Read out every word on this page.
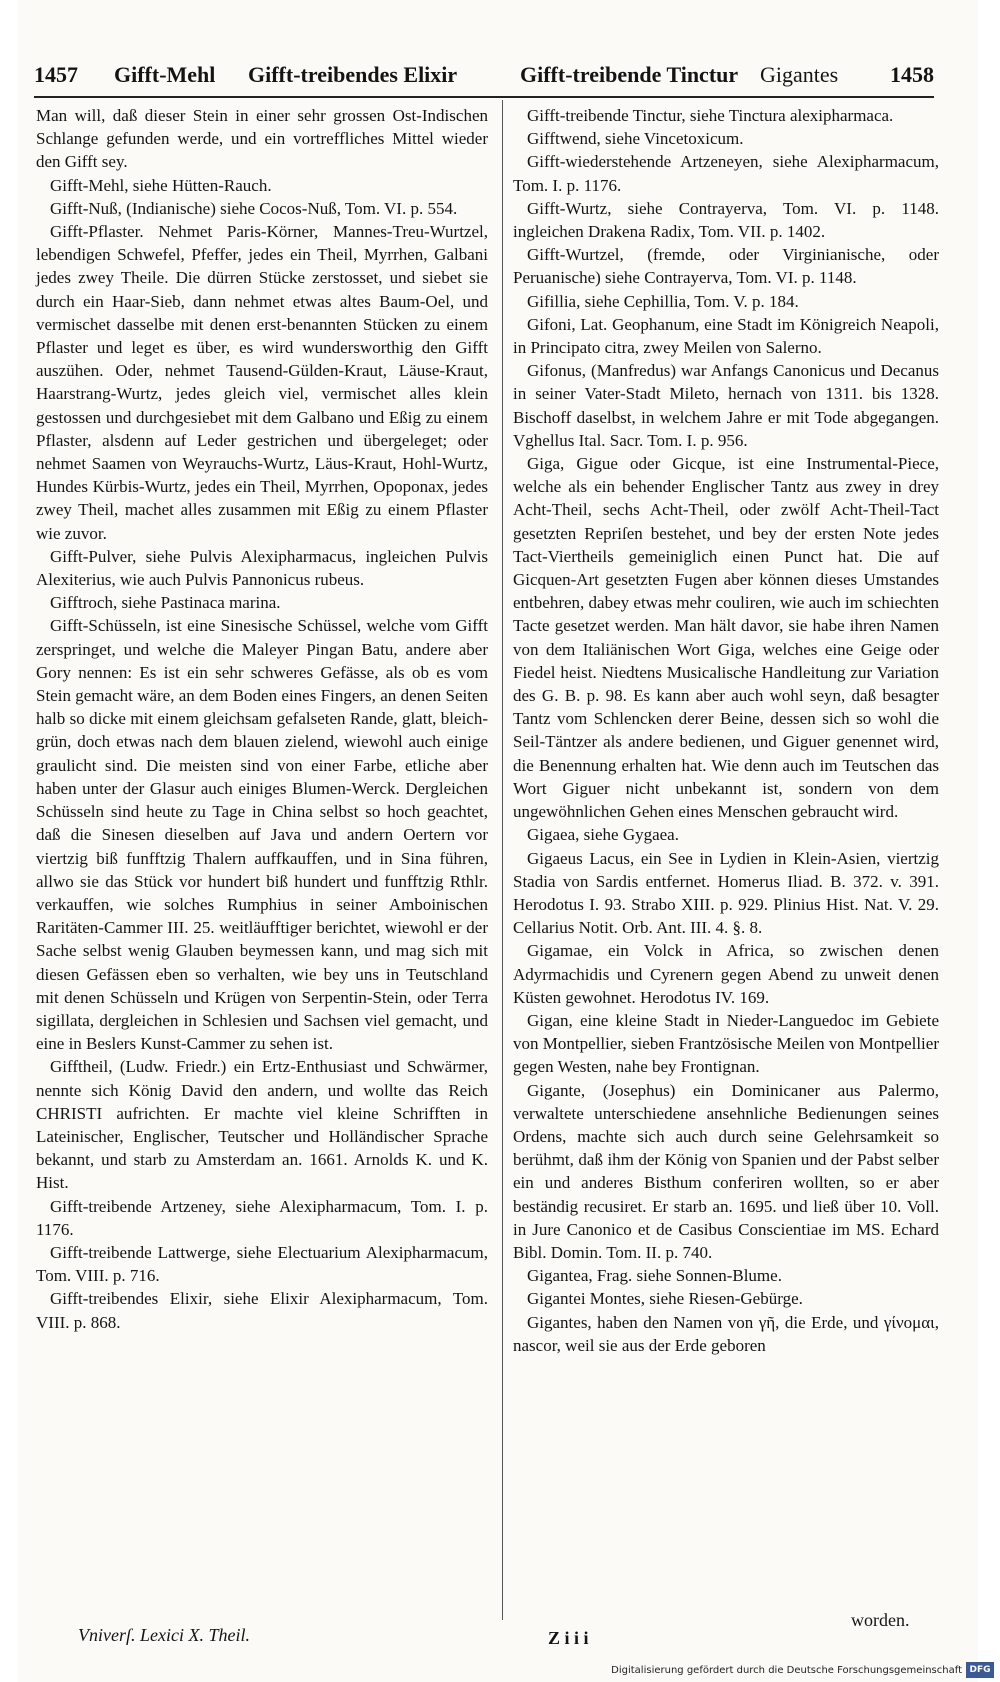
1457 Gifft-Mehl Gifft-treibendes Elixir	Gifft-treibende Tinctur Gigantes 1458

Man will, daß dieser Stein in einer sehr grossen Ost-Indischen Schlange gefunden werde, und ein vortreffliches Mittel wieder den Gifft sey.

Gifft-Mehl, siehe Hütten-Rauch.

Gifft-Nuß, (Indianische) siehe Cocos-Nuß, Tom. VI. p. 554.

Gifft-Pflaster. Nehmet Paris-Körner, Mannes-Treu-Wurtzel, lebendigen Schwefel, Pfeffer, jedes ein Theil, Myrrhen, Galbani jedes zwey Theile. Die dürren Stücke zerstosset, und siebet sie durch ein Haar-Sieb, dann nehmet etwas altes Baum-Oel, und vermischet dasselbe mit denen erst-benannten Stücken zu einem Pflaster und leget es über, es wird wundersworthig den Gifft auszühen. Oder, nehmet Tausend-Gülden-Kraut, Läuse-Kraut, Haarstrang-Wurtz, jedes gleich viel, vermischet alles klein gestossen und durchgesiebet mit dem Galbano und Eßig zu einem Pflaster, alsdenn auf Leder gestrichen und übergeleget; oder nehmet Saamen von Weyrauchs-Wurtz, Läus-Kraut, Hohl-Wurtz, Hundes Kürbis-Wurtz, jedes ein Theil, Myrrhen, Opoponax, jedes zwey Theil, machet alles zusammen mit Eßig zu einem Pflaster wie zuvor.

Gifft-Pulver, siehe Pulvis Alexipharmacus, ingleichen Pulvis Alexiterius, wie auch Pulvis Pannonicus rubeus.

Gifftroch, siehe Pastinaca marina.

Gifft-Schüsseln, ist eine Sinesische Schüssel, welche vom Gifft zerspringet, und welche die Maleyer Pingan Batu, andere aber Gory nennen: Es ist ein sehr schweres Gefässe, als ob es vom Stein gemacht wäre, an dem Boden eines Fingers, an denen Seiten halb so dicke mit einem gleichsam gefalseten Rande, glatt, bleich-grün, doch etwas nach dem blauen zielend, wiewohl auch einige graulicht sind. Die meisten sind von einer Farbe, etliche aber haben unter der Glasur auch einiges Blumen-Werck. Dergleichen Schüsseln sind heute zu Tage in China selbst so hoch geachtet, daß die Sinesen dieselben auf Java und andern Oertern vor viertzig biß funfftzig Thalern auffkauffen, und in Sina führen, allwo sie das Stück vor hundert biß hundert und funfftzig Rthlr. verkauffen, wie solches Rumphius in seiner Amboinischen Raritäten-Cammer III. 25. weitläufftiger berichtet, wiewohl er der Sache selbst wenig Glauben beymessen kann, und mag sich mit diesen Gefässen eben so verhalten, wie bey uns in Teutschland mit denen Schüsseln und Krügen von Serpentin-Stein, oder Terra sigillata, dergleichen in Schlesien und Sachsen viel gemacht, und eine in Beslers Kunst-Cammer zu sehen ist.

Gifftheil, (Ludw. Friedr.) ein Ertz-Enthusiast und Schwärmer, nennte sich König David den andern, und wollte das Reich CHRISTI aufrichten. Er machte viel kleine Schrifften in Lateinischer, Englischer, Teutscher und Holländischer Sprache bekannt, und starb zu Amsterdam an. 1661. Arnolds K. und K. Hist.

Gifft-treibende Artzeney, siehe Alexipharmacum, Tom. I. p. 1176.

Gifft-treibende Lattwerge, siehe Electuarium Alexipharmacum, Tom. VIII. p. 716.

Gifft-treibendes Elixir, siehe Elixir Alexipharmacum, Tom. VIII. p. 868.

Gifft-treibende Tinctur, siehe Tinctura alexipharmaca.

Gifftwend, siehe Vincetoxicum.

Gifft-wiederstehende Artzeneyen, siehe Alexipharmacum, Tom. I. p. 1176.

Gifft-Wurtz, siehe Contrayerva, Tom. VI. p. 1148. ingleichen Drakena Radix, Tom. VII. p. 1402.

Gifft-Wurtzel, (fremde, oder Virginianische, oder Peruanische) siehe Contrayerva, Tom. VI. p. 1148.

Gifillia, siehe Cephillia, Tom. V. p. 184.

Gifoni, Lat. Geophanum, eine Stadt im Königreich Neapoli, in Principato citra, zwey Meilen von Salerno.

Gifonus, (Manfredus) war Anfangs Canonicus und Decanus in seiner Vater-Stadt Mileto, hernach von 1311. bis 1328. Bischoff daselbst, in welchem Jahre er mit Tode abgegangen. Vghellus Ital. Sacr. Tom. I. p. 956.

Giga, Gigue oder Gicque, ist eine Instrumental-Piece, welche als ein behender Englischer Tantz aus zwey in drey Acht-Theil, sechs Acht-Theil, oder zwölf Acht-Theil-Tact gesetzten Repriſen bestehet, und bey der ersten Note jedes Tact-Viertheils gemeiniglich einen Punct hat. Die auf Gicquen-Art gesetzten Fugen aber können dieses Umstandes entbehren, dabey etwas mehr couliren, wie auch im schiechten Tacte gesetzet werden. Man hält davor, sie habe ihren Namen von dem Italiänischen Wort Giga, welches eine Geige oder Fiedel heist. Niedtens Musicalische Handleitung zur Variation des G. B. p. 98. Es kann aber auch wohl seyn, daß besagter Tantz vom Schlencken derer Beine, dessen sich so wohl die Seil-Täntzer als andere bedienen, und Giguer genennet wird, die Benennung erhalten hat. Wie denn auch im Teutschen das Wort Giguer nicht unbekannt ist, sondern von dem ungewöhnlichen Gehen eines Menschen gebraucht wird.

Gigaea, siehe Gygaea.

Gigaeus Lacus, ein See in Lydien in Klein-Asien, viertzig Stadia von Sardis entfernet. Homerus Iliad. B. 372. v. 391. Herodotus I. 93. Strabo XIII. p. 929. Plinius Hist. Nat. V. 29. Cellarius Notit. Orb. Ant. III. 4. §. 8.

Gigamae, ein Volck in Africa, so zwischen denen Adyrmachidis und Cyrenern gegen Abend zu unweit denen Küsten gewohnet. Herodotus IV. 169.

Gigan, eine kleine Stadt in Nieder-Languedoc im Gebiete von Montpellier, sieben Frantzösische Meilen von Montpellier gegen Westen, nahe bey Frontignan.

Gigante, (Josephus) ein Dominicaner aus Palermo, verwaltete unterschiedene ansehnliche Bedienungen seines Ordens, machte sich auch durch seine Gelehrsamkeit so berühmt, daß ihm der König von Spanien und der Pabst selber ein und anderes Bisthum conferiren wollten, so er aber beständig recusiret. Er starb an. 1695. und ließ über 10. Voll. in Jure Canonico et de Casibus Conscientiae im MS. Echard Bibl. Domin. Tom. II. p. 740.

Gigantea, Frag. siehe Sonnen-Blume.

Gigantei Montes, siehe Riesen-Gebürge.

Gigantes, haben den Namen von γῆ, die Erde, und γίνομαι, nascor, weil sie aus der Erde geboren

Vniverſ. Lexici X. Theil.	Z i i i
worden.
Digitalisierung gefördert durch die Deutsche Forschungsgemeinschaft DFG
